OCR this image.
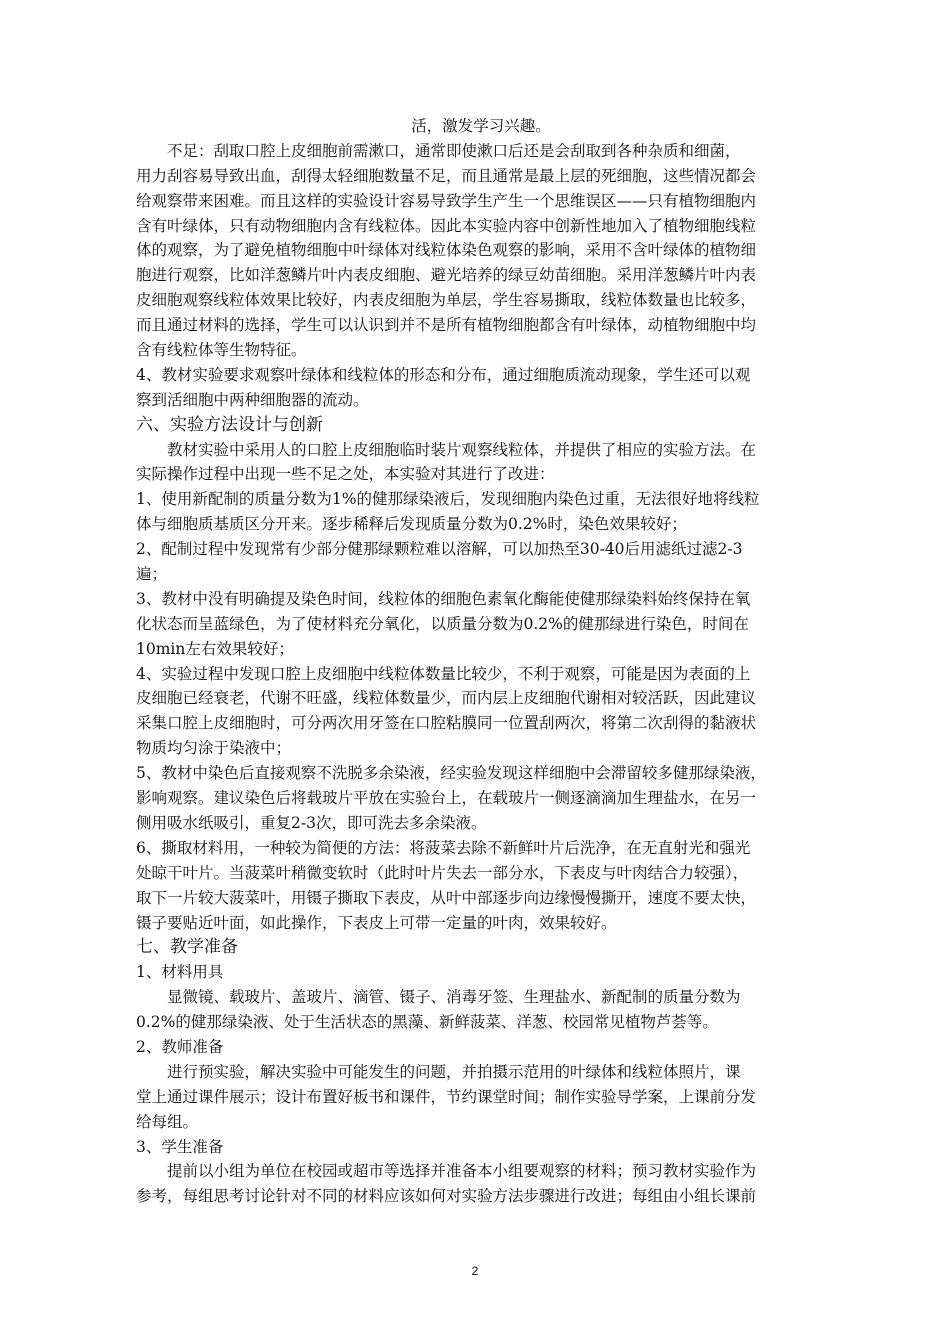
活，激发学习兴趣。
不足：刮取口腔上皮细胞前需漱口，通常即使漱口后还是会刮取到各种杂质和细菌，
用力刮容易导致出血，刮得太轻细胞数量不足，而且通常是最上层的死细胞，这些情况都会
给观察带来困难。而且这样的实验设计容易导致学生产生一个思维误区——只有植物细胞内
含有叶绿体，只有动物细胞内含有线粒体。因此本实验内容中创新性地加入了植物细胞线粒
体的观察，为了避免植物细胞中叶绿体对线粒体染色观察的影响，采用不含叶绿体的植物细
胞进行观察，比如洋葱鳞片叶内表皮细胞、避光培养的绿豆幼苗细胞。采用洋葱鳞片叶内表
皮细胞观察线粒体效果比较好，内表皮细胞为单层，学生容易撕取，线粒体数量也比较多，
而且通过材料的选择，学生可以认识到并不是所有植物细胞都含有叶绿体，动植物细胞中均
含有线粒体等生物特征。
4、教材实验要求观察叶绿体和线粒体的形态和分布，通过细胞质流动现象，学生还可以观
察到活细胞中两种细胞器的流动。
六、实验方法设计与创新
教材实验中采用人的口腔上皮细胞临时装片观察线粒体，并提供了相应的实验方法。在
实际操作过程中出现一些不足之处，本实验对其进行了改进：
1、使用新配制的质量分数为1%的健那绿染液后，发现细胞内染色过重，无法很好地将线粒
体与细胞质基质区分开来。逐步稀释后发现质量分数为0.2%时，染色效果较好；
2、配制过程中发现常有少部分健那绿颗粒难以溶解，可以加热至30-40后用滤纸过滤2-3
遍；
3、教材中没有明确提及染色时间，线粒体的细胞色素氧化酶能使健那绿染料始终保持在氧
化状态而呈蓝绿色，为了使材料充分氧化，以质量分数为0.2%的健那绿进行染色，时间在
10min左右效果较好；
4、实验过程中发现口腔上皮细胞中线粒体数量比较少，不利于观察，可能是因为表面的上
皮细胞已经衰老，代谢不旺盛，线粒体数量少，而内层上皮细胞代谢相对较活跃，因此建议
采集口腔上皮细胞时，可分两次用牙签在口腔粘膜同一位置刮两次，将第二次刮得的黏液状
物质均匀涂于染液中；
5、教材中染色后直接观察不洗脱多余染液，经实验发现这样细胞中会滞留较多健那绿染液，
影响观察。建议染色后将载玻片平放在实验台上，在载玻片一侧逐滴滴加生理盐水，在另一
侧用吸水纸吸引，重复2-3次，即可洗去多余染液。
6、撕取材料用，一种较为简便的方法：将菠菜去除不新鲜叶片后洗净，在无直射光和强光
处晾干叶片。当菠菜叶稍微变软时（此时叶片失去一部分水，下表皮与叶肉结合力较强），
取下一片较大菠菜叶，用镊子撕取下表皮，从叶中部逐步向边缘慢慢撕开，速度不要太快，
镊子要贴近叶面，如此操作，下表皮上可带一定量的叶肉，效果较好。
七、教学准备
1、材料用具
显微镜、载玻片、盖玻片、滴管、镊子、消毒牙签、生理盐水、新配制的质量分数为
0.2%的健那绿染液、处于生活状态的黑藻、新鲜菠菜、洋葱、校园常见植物芦荟等。
2、教师准备
进行预实验，解决实验中可能发生的问题，并拍摄示范用的叶绿体和线粒体照片，课
堂上通过课件展示；设计布置好板书和课件，节约课堂时间；制作实验导学案，上课前分发
给每组。
3、学生准备
提前以小组为单位在校园或超市等选择并准备本小组要观察的材料；预习教材实验作为
参考，每组思考讨论针对不同的材料应该如何对实验方法步骤进行改进；每组由小组长课前
2
